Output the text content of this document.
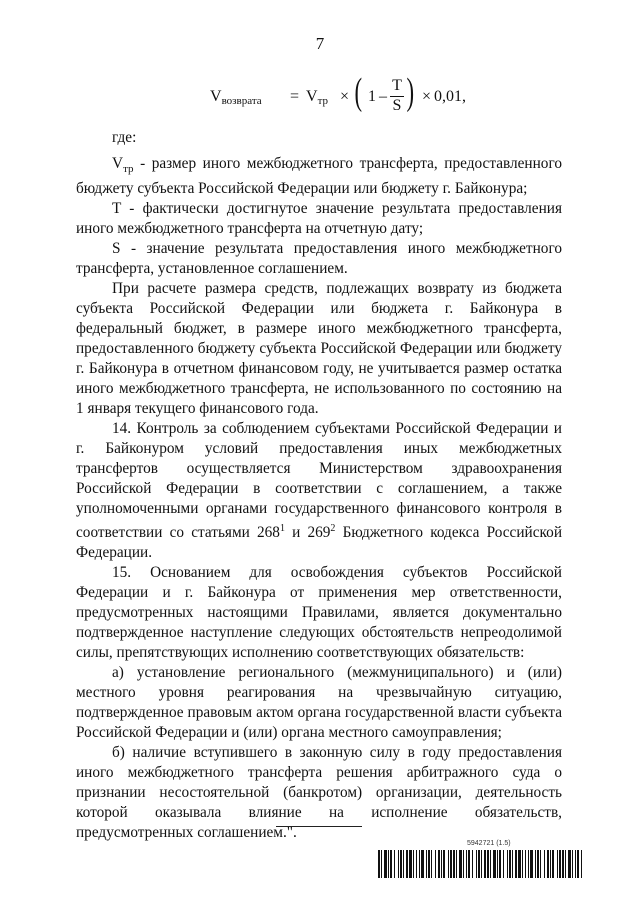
7
$V_{возврата} = V_{тр}$ × ( 1 –
T
S ) × 0,01,

где:

$V_{тр}$ - размер иного межбюджетного трансферта, предоставленного бюджету субъекта Российской Федерации или бюджету г. Байконура;

T - фактически достигнутое значение результата предоставления иного межбюджетного трансферта на отчетную дату;

S - значение результата предоставления иного межбюджетного трансферта, установленное соглашением.

При расчете размера средств, подлежащих возврату из бюджета субъекта Российской Федерации или бюджета г. Байконура в федеральный бюджет, в размере иного межбюджетного трансферта, предоставленного бюджету субъекта Российской Федерации или бюджету г. Байконура в отчетном финансовом году, не учитывается размер остатка иного межбюджетного трансферта, не использованного по состоянию на 1 января текущего финансового года.

14. Контроль за соблюдением субъектами Российской Федерации и г. Байконуром условий предоставления иных межбюджетных трансфертов осуществляется Министерством здравоохранения Российской Федерации в соответствии с соглашением, а также уполномоченными органами государственного финансового контроля в соответствии со статьями $268^1$ и $269^2$ Бюджетного кодекса Российской Федерации.

15. Основанием для освобождения субъектов Российской Федерации и г. Байконура от применения мер ответственности, предусмотренных настоящими Правилами, является документально подтвержденное наступление следующих обстоятельств непреодолимой силы, препятствующих исполнению соответствующих обязательств:

а) установление регионального (межмуниципального) и (или) местного уровня реагирования на чрезвычайную ситуацию, подтвержденное правовым актом органа государственной власти субъекта Российской Федерации и (или) органа местного самоуправления;

б) наличие вступившего в законную силу в году предоставления иного межбюджетного трансферта решения арбитражного суда о признании несостоятельной (банкротом) организации, деятельность которой оказывала влияние на исполнение обязательств, предусмотренных соглашением.".

5942721 (1.5)
